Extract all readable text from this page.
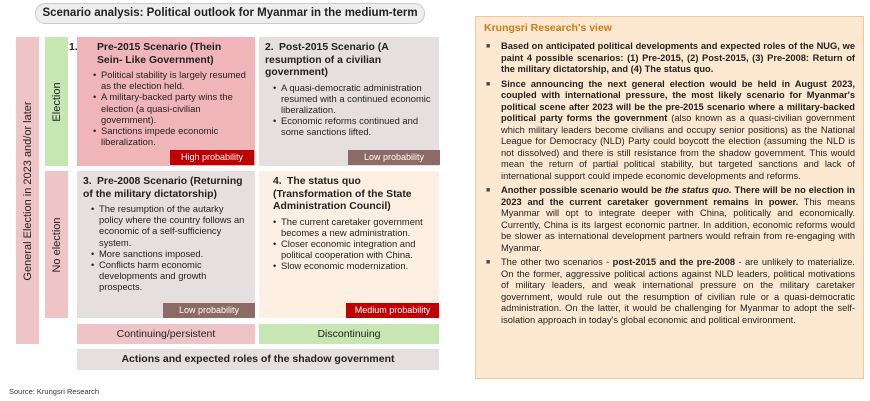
Scenario analysis: Political outlook for Myanmar in the medium-term
General Election in 2023 and/or later Election
No election
1. Pre-2015 Scenario (Thein Sein- Like Government)
• Political stability is largely resumed as the election held.
• A military-backed party wins the election (a quasi-civilian government).
• Sanctions impede economic liberalization.
High probability
2. Post-2015 Scenario (A resumption of a civilian government)
• A quasi-democratic administration resumed with a continued economic liberalization.
• Economic reforms continued and some sanctions lifted.
Low probability
3. Pre-2008 Scenario (Returning of the military dictatorship)
• The resumption of the autarky policy where the country follows an economic of a self-sufficiency system.
• More sanctions imposed.
• Conflicts harm economic developments and growth prospects.
Low probability
4. The status quo
(Transformation of the State Administration Council)
• The current caretaker government becomes a new administration.
• Closer economic integration and political cooperation with China.
• Slow economic modernization.
Medium probability
Continuing/persistent	Discontinuing
Actions and expected roles of the shadow government
Source: Krungsri Research
Krungsri Research's view

■ Based on anticipated political developments and expected roles of the NUG, we paint 4 possible scenarios: (1) Pre-2015, (2) Post-2015, (3) Pre-2008: Return of the military dictatorship, and (4) The status quo.

■ Since announcing the next general election would be held in August 2023, coupled with international pressure, the most likely scenario for Myanmar's political scene after 2023 will be the pre-2015 scenario where a military-backed political party forms the government (also known as a quasi-civilian government which military leaders become civilians and occupy senior positions) as the National League for Democracy (NLD) Party could boycott the election (assuming the NLD is not dissolved) and there is still resistance from the shadow government. This would mean the return of partial political stability, but targeted sanctions and lack of international support could impede economic developments and reforms.

■ Another possible scenario would be the status quo. There will be no election in 2023 and the current caretaker government remains in power. This means Myanmar will opt to integrate deeper with China, politically and economically. Currently, China is its largest economic partner. In addition, economic reforms would be slower as international development partners would refrain from re-engaging with Myanmar.

■ The other two scenarios - post-2015 and the pre-2008 - are unlikely to materialize. On the former, aggressive political actions against NLD leaders, political motivations of military leaders, and weak international pressure on the military caretaker government, would rule out the resumption of civilian rule or a quasi-democratic administration. On the latter, it would be challenging for Myanmar to adopt the self-isolation approach in today's global economic and political environment.
